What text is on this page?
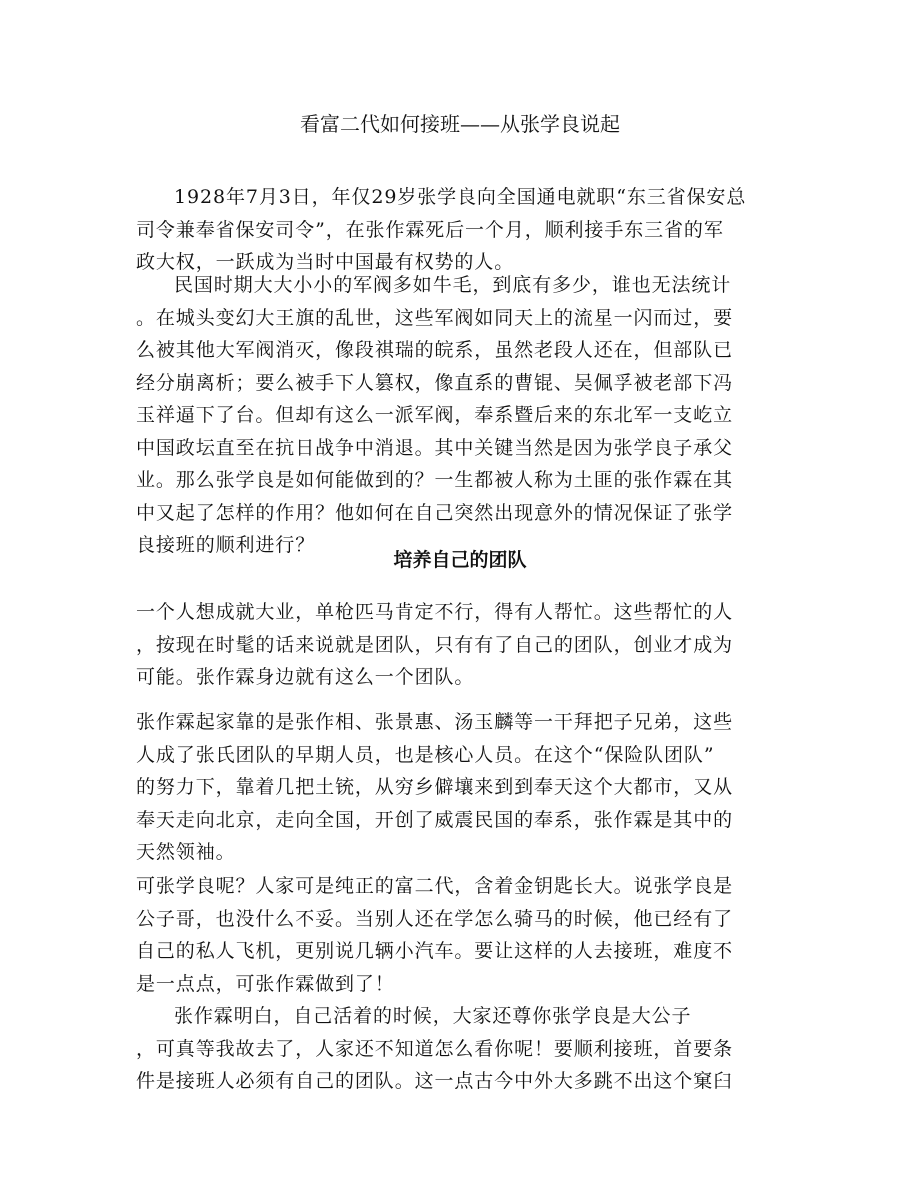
看富二代如何接班——从张学良说起
1928年7月3日，年仅29岁张学良向全国通电就职“东三省保安总
司令兼奉省保安司令”，在张作霖死后一个月，顺利接手东三省的军
政大权，一跃成为当时中国最有权势的人。
民国时期大大小小的军阀多如牛毛，到底有多少，谁也无法统计
。在城头变幻大王旗的乱世，这些军阀如同天上的流星一闪而过，要
么被其他大军阀消灭，像段祺瑞的皖系，虽然老段人还在，但部队已
经分崩离析；要么被手下人篡权，像直系的曹锟、吴佩孚被老部下冯
玉祥逼下了台。但却有这么一派军阀，奉系暨后来的东北军一支屹立
中国政坛直至在抗日战争中消退。其中关键当然是因为张学良子承父
业。那么张学良是如何能做到的？一生都被人称为土匪的张作霖在其
中又起了怎样的作用？他如何在自己突然出现意外的情况保证了张学
良接班的顺利进行？
培养自己的团队
一个人想成就大业，单枪匹马肯定不行，得有人帮忙。这些帮忙的人
，按现在时髦的话来说就是团队，只有有了自己的团队，创业才成为
可能。张作霖身边就有这么一个团队。
张作霖起家靠的是张作相、张景惠、汤玉麟等一干拜把子兄弟，这些
人成了张氏团队的早期人员，也是核心人员。在这个“保险队团队”
的努力下，靠着几把土铳，从穷乡僻壤来到到奉天这个大都市，又从
奉天走向北京，走向全国，开创了威震民国的奉系，张作霖是其中的
天然领袖。
可张学良呢？人家可是纯正的富二代，含着金钥匙长大。说张学良是
公子哥，也没什么不妥。当别人还在学怎么骑马的时候，他已经有了
自己的私人飞机，更别说几辆小汽车。要让这样的人去接班，难度不
是一点点，可张作霖做到了！
张作霖明白，自己活着的时候，大家还尊你张学良是大公子
，可真等我故去了，人家还不知道怎么看你呢！要顺利接班，首要条
件是接班人必须有自己的团队。这一点古今中外大多跳不出这个窠臼
